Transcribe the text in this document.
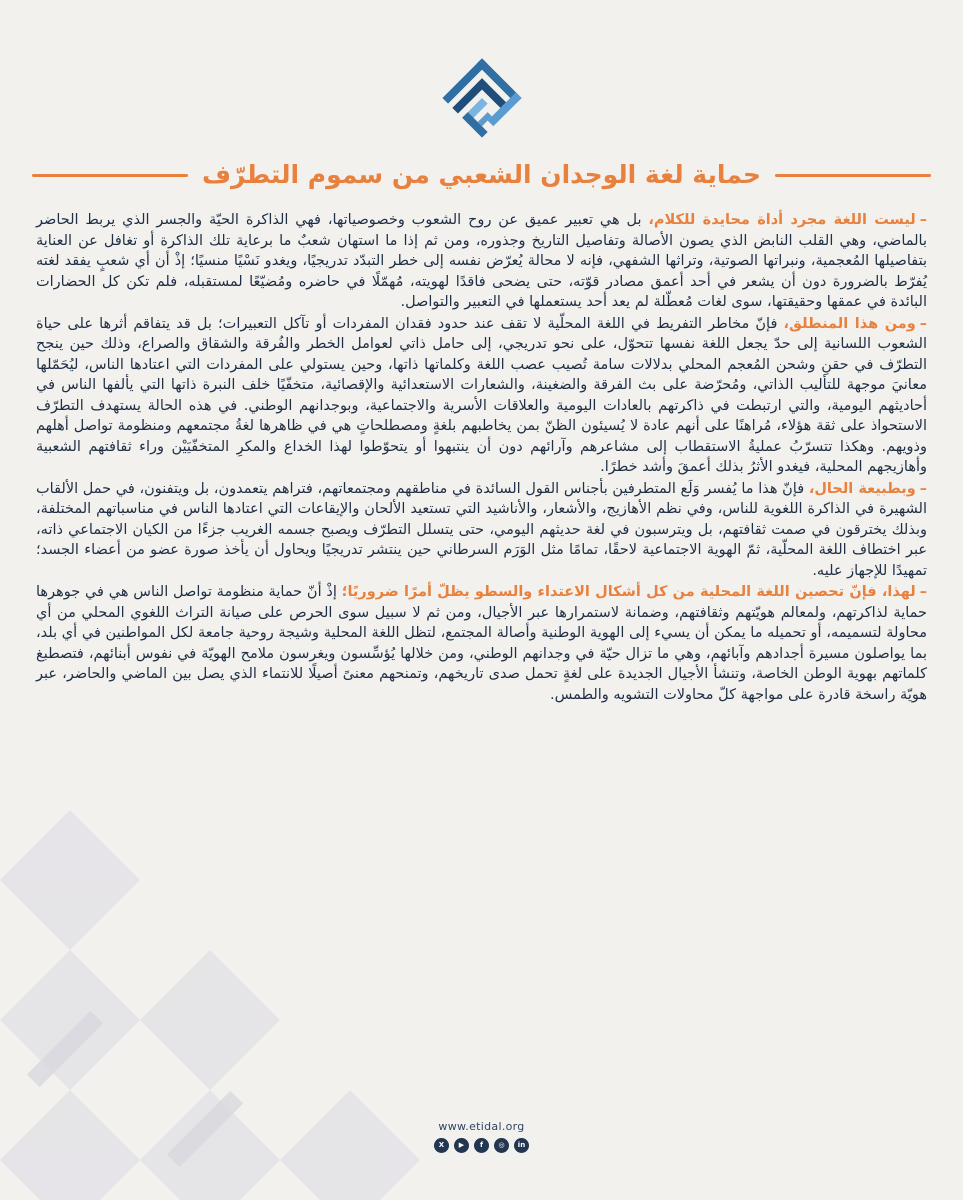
حماية لغة الوجدان الشعبي من سموم التطرّف

–ليست اللغة مجرد أداة محايدة للكلام، بل هي تعبير عميق عن روح الشعوب وخصوصياتها، فهي الذاكرة الحيّة والجسر الذي يربط الحاضر بالماضي، وهي القلب النابض الذي يصون الأصالة وتفاصيل التاريخ وجذوره، ومن ثم إذا ما استهان شعبٌ ما برعاية تلك الذاكرة أو تغافل عن العناية بتفاصيلها المُعجمية، ونبراتها الصوتية، وتراثها الشفهي، فإنه لا محالة يُعرّض نفسه إلى خطر التبدّد تدريجيًا، ويغدو نَسْيًا منسيًا؛ إذْ أن أي شعبٍ يفقد لغته يُفرّط بالضرورة دون أن يشعر في أحد أعمق مصادر قوّته، حتى يضحى فاقدًا لهويته، مُهمّلًا في حاضره ومُضيّعًا لمستقبله، فلم تكن كل الحضارات البائدة في عمقها وحقيقتها، سوى لغات مُعطّلة لم يعد أحد يستعملها في التعبير والتواصل.

–ومن هذا المنطلق، فإنّ مخاطر التفريط في اللغة المحلّية لا تقف عند حدود فقدان المفردات أو تآكل التعبيرات؛ بل قد يتفاقم أثرها على حياة الشعوب اللسانية إلى حدّ يجعل اللغة نفسها تتحوّل، على نحو تدريجي، إلى حامل ذاتي لعوامل الخطر والفُرقة والشقاق والصراع، وذلك حين ينجح التطرّف في حقنِ وشحن المُعجم المحلي بدلالات سامة تُصيب عصب اللغة وكلماتها ذاتها، وحين يستولي على المفردات التي اعتادها الناس، ليُحَمّلها معانيَ موجهة للتأليب الذاتي، ومُحرّضة على بث الفرقة والضغينة، والشعارات الاستعدائية والإقصائية، متخفّيًا خلف النبرة ذاتها التي يألفها الناس في أحاديثهم اليومية، والتي ارتبطت في ذاكرتهم بالعادات اليومية والعلاقات الأسرية والاجتماعية، وبوجدانهم الوطني. في هذه الحالة يستهدف التطرّف الاستحواذ على ثقة هؤلاء، مُراهنًا على أنهم عادة لا يُسيئون الظنّ بمن يخاطبهم بلغةٍ ومصطلحاتٍ هي في ظاهرها لغةُ مجتمعهم ومنظومة تواصل أهلهم وذويهم. وهكذا تتسرّبُ عمليةُ الاستقطاب إلى مشاعرهم وآرائهم دون أن ينتبهوا أو يتحوّطوا لهذا الخداع والمكرِ المتخفّيَيْن وراء ثقافتهم الشعبية وأهازيجهم المحلية، فيغدو الأثرُ بذلك أعمقَ وأشد خطرًا.

–وبطبيعة الحال، فإنّ هذا ما يُفسر وَلَع المتطرفين بأجناس القول السائدة في مناطقهم ومجتمعاتهم، فتراهم يتعمدون، بل ويتفنون، في حمل الألقاب الشهيرة في الذاكرة اللغوية للناس، وفي نظم الأهازيج، والأشعار، والأناشيد التي تستعيد الألحان والإيقاعات التي اعتادها الناس في مناسباتهم المختلفة، وبذلك يخترقون في صمت ثقافتهم، بل ويترسبون في لغة حديثهم اليومي، حتى يتسلل التطرّف ويصبح جسمه الغريب جزءًا من الكيان الاجتماعي ذاته، عبر اختطاف اللغة المحلّية، ثمّ الهوية الاجتماعية لاحقًا، تمامًا مثل الوَرَم السرطاني حين ينتشر تدريجيًا ويحاول أن يأخذ صورة عضو من أعضاء الجسد؛ تمهيدًا للإجهاز عليه.

–لهذا، فإنّ تحصين اللغة المحلية من كل أشكال الاعتداء والسطو يظلّ أمرًا ضروريًا؛ إذْ أنّ حماية منظومة تواصل الناس هي في جوهرها حماية لذاكرتهم، ولمعالم هويّتهم وثقافتهم، وضمانة لاستمرارها عبر الأجيال، ومن ثم لا سبيل سوى الحرص على صيانة التراث اللغوي المحلي من أي محاولة لتسميمه، أو تحميله ما يمكن أن يسيء إلى الهوية الوطنية وأصالة المجتمع، لتظل اللغة المحلية وشيجة روحية جامعة لكل المواطنين في أي بلد، بما يواصلون مسيرة أجدادهم وآبائهم، وهي ما تزال حيّة في وجدانهم الوطني، ومن خلالها يُؤسِّسون ويغرسون ملامح الهويّة في نفوس أبنائهم، فتصطبغ كلماتهم بهوية الوطن الخاصة، وتنشأ الأجيال الجديدة على لغةٍ تحمل صدى تاريخهم، وتمنحهم معنىً أصيلًا للانتماء الذي يصل بين الماضي والحاضر، عبر هويّة راسخة قادرة على مواجهة كلّ محاولات التشويه والطمس.

www.etidal.org
X	▶	f	◎	in
